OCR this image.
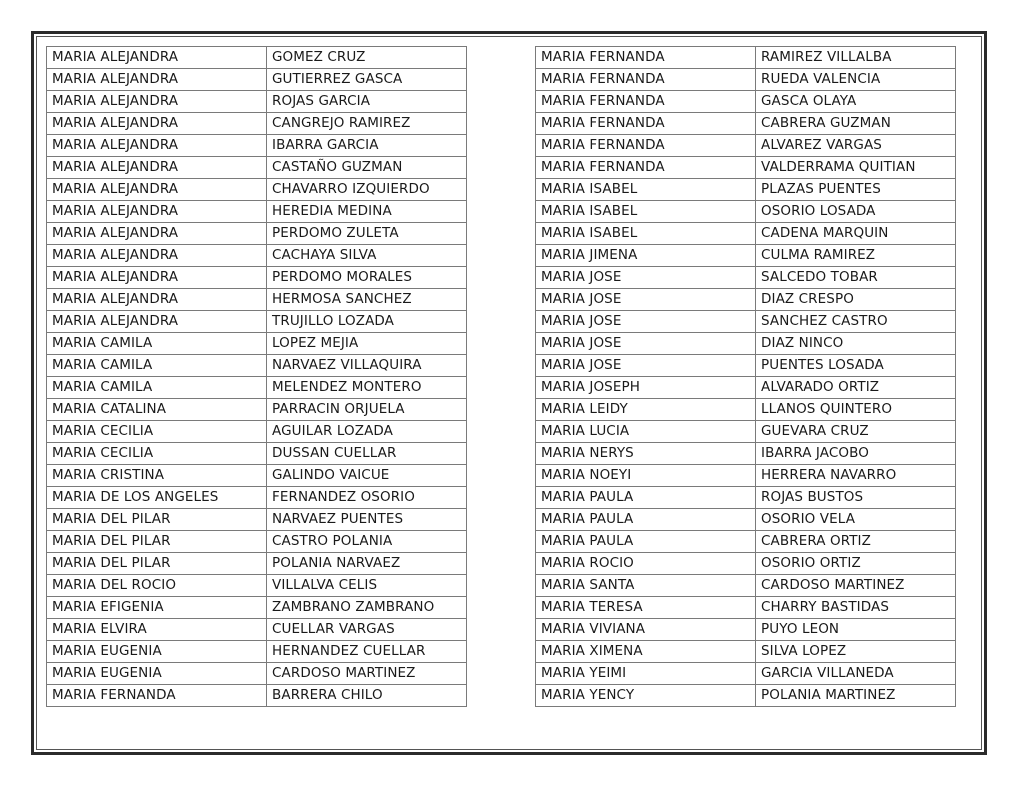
MARIA ALEJANDRA	GOMEZ CRUZ
MARIA ALEJANDRA	GUTIERREZ GASCA
MARIA ALEJANDRA	ROJAS GARCIA
MARIA ALEJANDRA	CANGREJO RAMIREZ
MARIA ALEJANDRA	IBARRA GARCIA
MARIA ALEJANDRA	CASTAÑO GUZMAN
MARIA ALEJANDRA	CHAVARRO IZQUIERDO
MARIA ALEJANDRA	HEREDIA MEDINA
MARIA ALEJANDRA	PERDOMO ZULETA
MARIA ALEJANDRA	CACHAYA SILVA
MARIA ALEJANDRA	PERDOMO MORALES
MARIA ALEJANDRA	HERMOSA SANCHEZ
MARIA ALEJANDRA	TRUJILLO LOZADA
MARIA CAMILA	LOPEZ MEJIA
MARIA CAMILA	NARVAEZ VILLAQUIRA
MARIA CAMILA	MELENDEZ MONTERO
MARIA CATALINA	PARRACIN ORJUELA
MARIA CECILIA	AGUILAR LOZADA
MARIA CECILIA	DUSSAN CUELLAR
MARIA CRISTINA	GALINDO VAICUE
MARIA DE LOS ANGELES	FERNANDEZ OSORIO
MARIA DEL PILAR	NARVAEZ PUENTES
MARIA DEL PILAR	CASTRO POLANIA
MARIA DEL PILAR	POLANIA NARVAEZ
MARIA DEL ROCIO	VILLALVA CELIS
MARIA EFIGENIA	ZAMBRANO ZAMBRANO
MARIA ELVIRA	CUELLAR VARGAS
MARIA EUGENIA	HERNANDEZ CUELLAR
MARIA EUGENIA	CARDOSO MARTINEZ
MARIA FERNANDA	BARRERA CHILO
MARIA FERNANDA	RAMIREZ VILLALBA
MARIA FERNANDA	RUEDA VALENCIA
MARIA FERNANDA	GASCA OLAYA
MARIA FERNANDA	CABRERA GUZMAN
MARIA FERNANDA	ALVAREZ VARGAS
MARIA FERNANDA	VALDERRAMA QUITIAN
MARIA ISABEL	PLAZAS PUENTES
MARIA ISABEL	OSORIO LOSADA
MARIA ISABEL	CADENA MARQUIN
MARIA JIMENA	CULMA RAMIREZ
MARIA JOSE	SALCEDO TOBAR
MARIA JOSE	DIAZ CRESPO
MARIA JOSE	SANCHEZ CASTRO
MARIA JOSE	DIAZ NINCO
MARIA JOSE	PUENTES LOSADA
MARIA JOSEPH	ALVARADO ORTIZ
MARIA LEIDY	LLANOS QUINTERO
MARIA LUCIA	GUEVARA CRUZ
MARIA NERYS	IBARRA JACOBO
MARIA NOEYI	HERRERA NAVARRO
MARIA PAULA	ROJAS BUSTOS
MARIA PAULA	OSORIO VELA
MARIA PAULA	CABRERA ORTIZ
MARIA ROCIO	OSORIO ORTIZ
MARIA SANTA	CARDOSO MARTINEZ
MARIA TERESA	CHARRY BASTIDAS
MARIA VIVIANA	PUYO LEON
MARIA XIMENA	SILVA LOPEZ
MARIA YEIMI	GARCIA VILLANEDA
MARIA YENCY	POLANIA MARTINEZ
